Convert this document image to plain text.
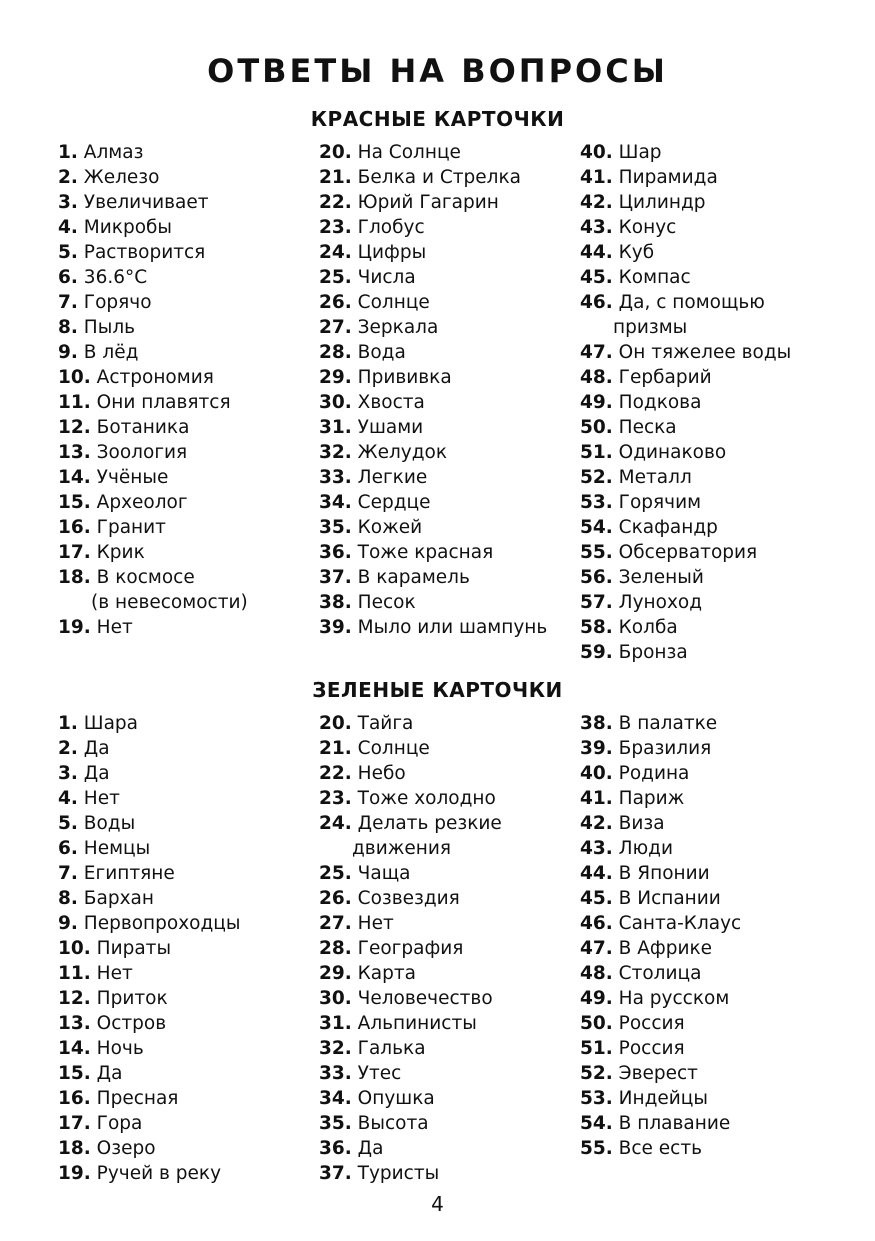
ОТВЕТЫ НА ВОПРОСЫ
КРАСНЫЕ КАРТОЧКИ
1. Алмаз
2. Железо
3. Увеличивает
4. Микробы
5. Растворится
6. 36.6°C
7. Горячо
8. Пыль
9. В лёд
10. Астрономия
11. Они плавятся
12. Ботаника
13. Зоология
14. Учёные
15. Археолог
16. Гранит
17. Крик
18. В космосе
(в невесомости)
19. Нет
20. На Солнце
21. Белка и Стрелка
22. Юрий Гагарин
23. Глобус
24. Цифры
25. Числа
26. Солнце
27. Зеркала
28. Вода
29. Прививка
30. Хвоста
31. Ушами
32. Желудок
33. Легкие
34. Сердце
35. Кожей
36. Тоже красная
37. В карамель
38. Песок
39. Мыло или шампунь
40. Шар
41. Пирамида
42. Цилиндр
43. Конус
44. Куб
45. Компас
46. Да, с помощью
призмы
47. Он тяжелее воды
48. Гербарий
49. Подкова
50. Песка
51. Одинаково
52. Металл
53. Горячим
54. Скафандр
55. Обсерватория
56. Зеленый
57. Луноход
58. Колба
59. Бронза
ЗЕЛЕНЫЕ КАРТОЧКИ
1. Шара
2. Да
3. Да
4. Нет
5. Воды
6. Немцы
7. Египтяне
8. Бархан
9. Первопроходцы
10. Пираты
11. Нет
12. Приток
13. Остров
14. Ночь
15. Да
16. Пресная
17. Гора
18. Озеро
19. Ручей в реку
20. Тайга
21. Солнце
22. Небо
23. Тоже холодно
24. Делать резкие
движения
25. Чаща
26. Созвездия
27. Нет
28. География
29. Карта
30. Человечество
31. Альпинисты
32. Галька
33. Утес
34. Опушка
35. Высота
36. Да
37. Туристы
38. В палатке
39. Бразилия
40. Родина
41. Париж
42. Виза
43. Люди
44. В Японии
45. В Испании
46. Санта-Клаус
47. В Африке
48. Столица
49. На русском
50. Россия
51. Россия
52. Эверест
53. Индейцы
54. В плавание
55. Все есть
4
